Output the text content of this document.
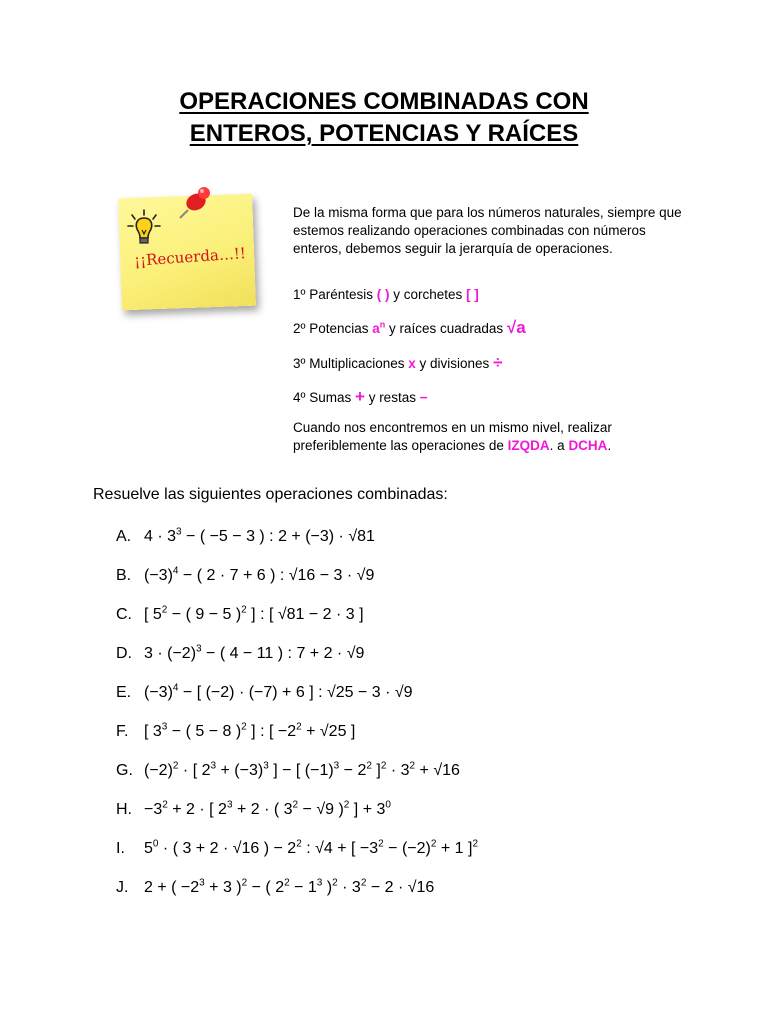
OPERACIONES COMBINADAS CON
ENTEROS, POTENCIAS Y RAÍCES
¡¡Recuerda…!!

De la misma forma que para los números naturales, siempre que estemos realizando operaciones combinadas con números enteros, debemos seguir la jerarquía de operaciones.

1º Paréntesis ( ) y corchetes [ ]
2º Potencias $a^n$ y raíces cuadradas √a
3º Multiplicaciones x y divisiones ÷
4º Sumas + y restas −
Cuando nos encontremos en un mismo nivel, realizar preferiblemente las operaciones de IZQDA. a DCHA.
Resuelve las siguientes operaciones combinadas:
A. $4 \cdot 3^3$ − ( −5 − 3 ) : 2 + (−3) · √81
B. $(-3)^4$ − ( 2 · 7 + 6 ) : √16 − 3 · √9
C. [ $5^2$ − ( 9 − 5 )$^2$ ] : [ √81 − 2 · 3 ]
D. $3 \cdot (-2)^3$ − ( 4 − 11 ) : 7 + 2 · √9
E. $(-3)^4$ − [ (−2) · (−7) + 6 ] : √25 − 3 · √9
F. [ $3^3$ − ( 5 − 8 )$^2$ ] : [ $-2^2 + √25$ ]
G. $(-2)^2$ · [ $2^3 + (-3)^3$ ] − [ $(-1)^3 - 2^2$ ]$^2 \cdot 3^2 + √16$
H. $-3^2 + 2$ · [ $2^3 + 2$ · ( $3^2 - √9$ )$^2$ ] + $3^0$
I. $5^0$ · ( 3 + 2 · √16 ) − $2^2$ : √4 + [ $-3^2 - (-2)^2 + 1$ ]$^2$
J. 2 + ( $-2^3 + 3$ )$^2$ − ( $2^2 - 1^3$ )$^2 \cdot 3^2 - 2 \cdot √16$
